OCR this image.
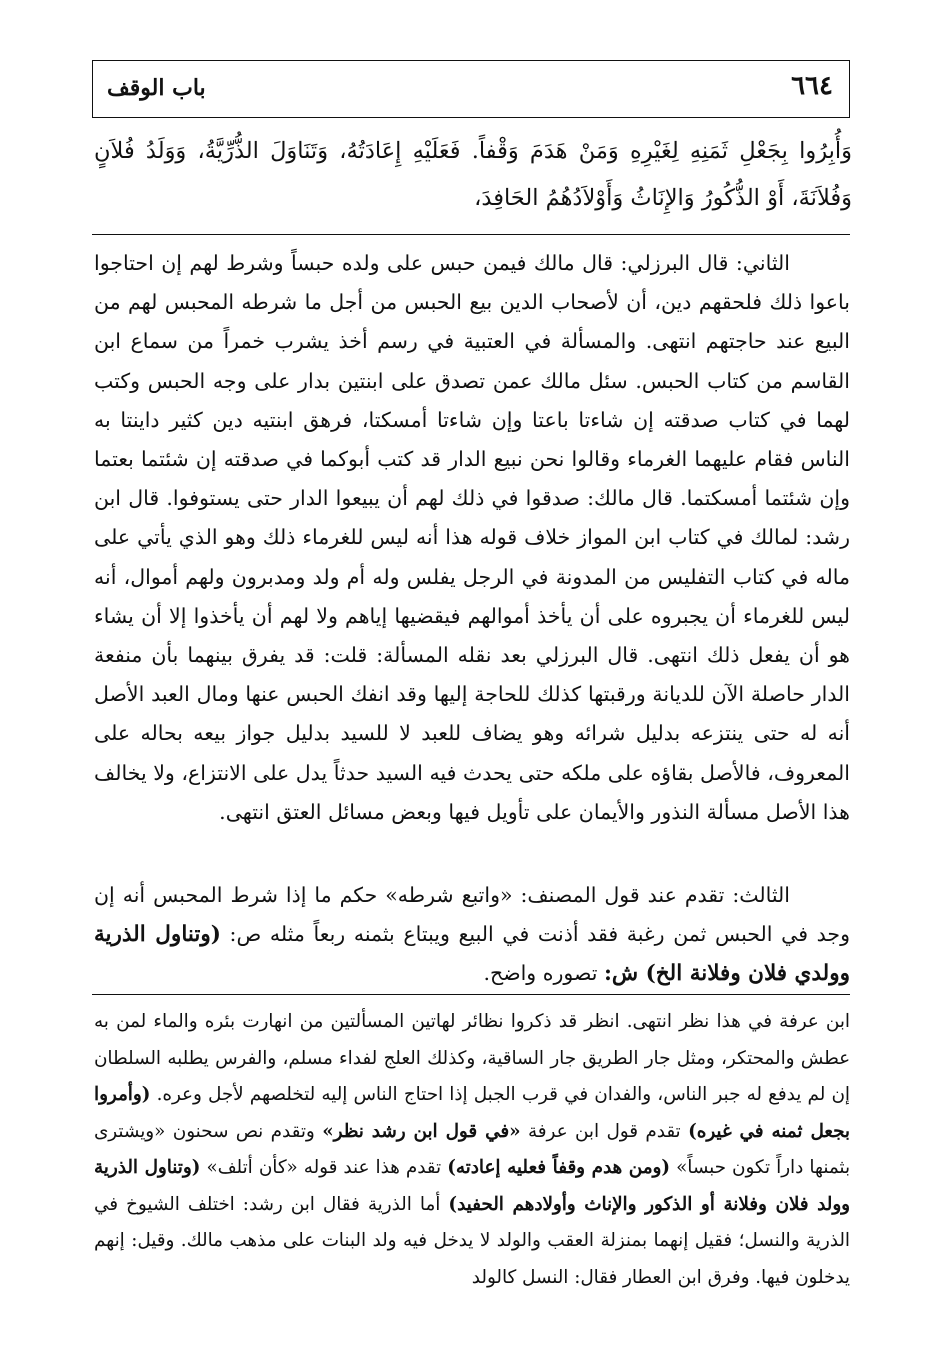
٦٦٤
باب الوقف
وَأُبِرُوا بِجَعْلِ ثَمَنِهِ لِغَيْرِهِ وَمَنْ هَدَمَ وَقْفاً. فَعَلَيْهِ إِعَادَتُهُ، وَتَنَاوَلَ الذُّرِّيَّةُ، وَوَلَدُ فُلاَنٍ وَفُلاَنَةَ، أَوْ الذُّكُورُ وَالإِنَاثُ وَأَوْلاَدُهُمُ الحَافِدَ،

الثاني: قال البرزلي: قال مالك فيمن حبس على ولده حبساً وشرط لهم إن احتاجوا باعوا ذلك فلحقهم دين، أن لأصحاب الدين بيع الحبس من أجل ما شرطه المحبس لهم من البيع عند حاجتهم انتهى. والمسألة في العتبية في رسم أخذ يشرب خمراً من سماع ابن القاسم من كتاب الحبس. سئل مالك عمن تصدق على ابنتين بدار على وجه الحبس وكتب لهما في كتاب صدقته إن شاءتا باعتا وإن شاءتا أمسكتا، فرهق ابنتيه دين كثير داينتا به الناس فقام عليهما الغرماء وقالوا نحن نبيع الدار قد كتب أبوكما في صدقته إن شئتما بعتما وإن شئتما أمسكتما. قال مالك: صدقوا في ذلك لهم أن يبيعوا الدار حتى يستوفوا. قال ابن رشد: لمالك في كتاب ابن المواز خلاف قوله هذا أنه ليس للغرماء ذلك وهو الذي يأتي على ماله في كتاب التفليس من المدونة في الرجل يفلس وله أم ولد ومدبرون ولهم أموال، أنه ليس للغرماء أن يجبروه على أن يأخذ أموالهم فيقضيها إياهم ولا لهم أن يأخذوا إلا أن يشاء هو أن يفعل ذلك انتهى. قال البرزلي بعد نقله المسألة: قلت: قد يفرق بينهما بأن منفعة الدار حاصلة الآن للديانة ورقبتها كذلك للحاجة إليها وقد انفك الحبس عنها ومال العبد الأصل أنه له حتى ينتزعه بدليل شرائه وهو يضاف للعبد لا للسيد بدليل جواز بيعه بحاله على المعروف، فالأصل بقاؤه على ملكه حتى يحدث فيه السيد حدثاً يدل على الانتزاع، ولا يخالف هذا الأصل مسألة النذور والأيمان على تأويل فيها وبعض مسائل العتق انتهى.

الثالث: تقدم عند قول المصنف: «واتبع شرطه» حكم ما إذا شرط المحبس أنه إن وجد في الحبس ثمن رغبة فقد أذنت في البيع ويبتاع بثمنه ربعاً مثله ص: (وتناول الذرية وولدي فلان وفلانة الخ) ش: تصوره واضح.

ابن عرفة في هذا نظر انتهى. انظر قد ذكروا نظائر لهاتين المسألتين من انهارت بئره والماء لمن به عطش والمحتكر، ومثل جار الطريق جار الساقية، وكذلك العلج لفداء مسلم، والفرس يطلبه السلطان إن لم يدفع له جبر الناس، والفدان في قرب الجبل إذا احتاج الناس إليه لتخلصهم لأجل وعره. (وأمروا بجعل ثمنه في غيره) تقدم قول ابن عرفة «في قول ابن رشد نظر» وتقدم نص سحنون «ويشترى بثمنها داراً تكون حبساً» (ومن هدم وقفاً فعليه إعادته) تقدم هذا عند قوله «كأن أتلف» (وتناول الذرية وولد فلان وفلانة أو الذكور والإناث وأولادهم الحفيد) أما الذرية فقال ابن رشد: اختلف الشيوخ في الذرية والنسل؛ فقيل إنهما بمنزلة العقب والولد لا يدخل فيه ولد البنات على مذهب مالك. وقيل: إنهم يدخلون فيها. وفرق ابن العطار فقال: النسل كالولد
